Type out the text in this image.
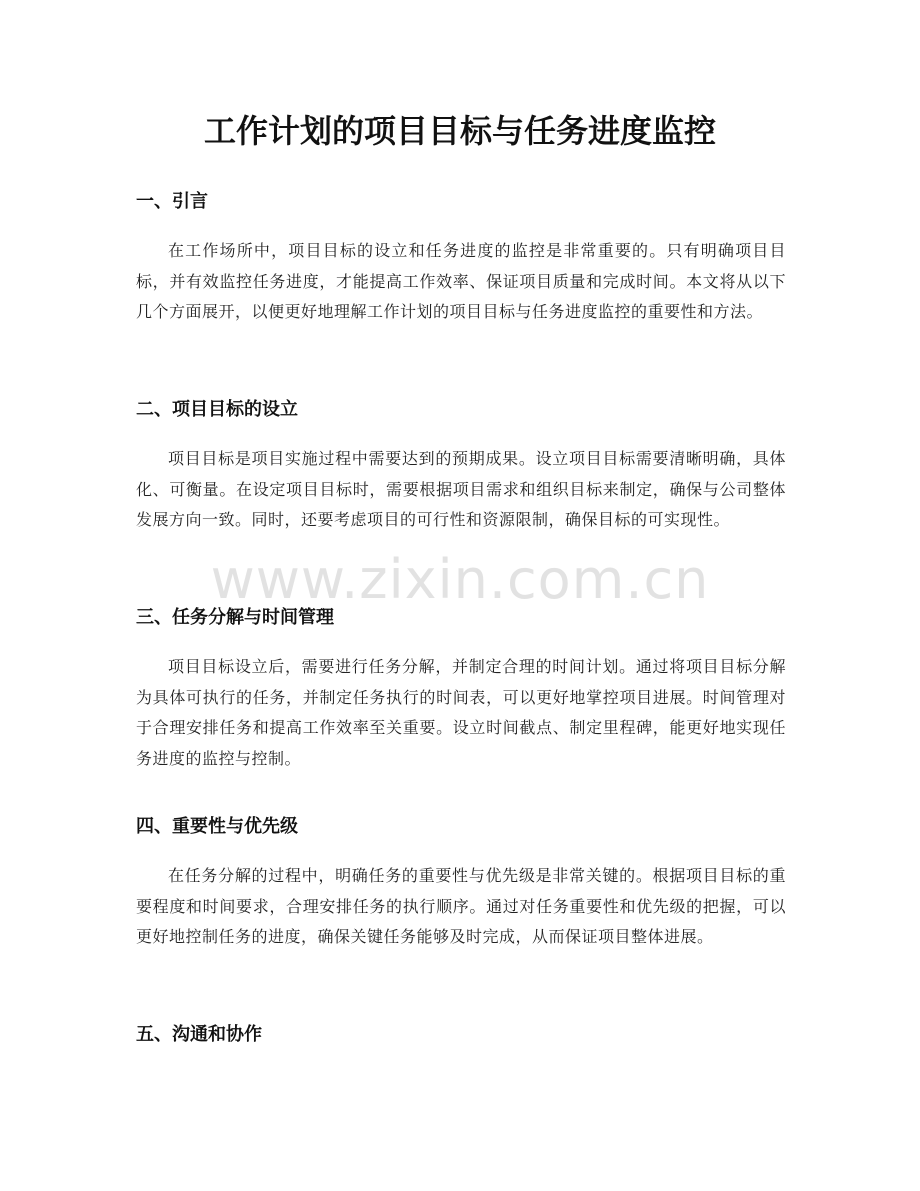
工作计划的项目目标与任务进度监控
一、引言

在工作场所中，项目目标的设立和任务进度的监控是非常重要的。只有明确项目目标，并有效监控任务进度，才能提高工作效率、保证项目质量和完成时间。本文将从以下几个方面展开，以便更好地理解工作计划的项目目标与任务进度监控的重要性和方法。

二、项目目标的设立

项目目标是项目实施过程中需要达到的预期成果。设立项目目标需要清晰明确，具体化、可衡量。在设定项目目标时，需要根据项目需求和组织目标来制定，确保与公司整体发展方向一致。同时，还要考虑项目的可行性和资源限制，确保目标的可实现性。

三、任务分解与时间管理

项目目标设立后，需要进行任务分解，并制定合理的时间计划。通过将项目目标分解为具体可执行的任务，并制定任务执行的时间表，可以更好地掌控项目进展。时间管理对于合理安排任务和提高工作效率至关重要。设立时间截点、制定里程碑，能更好地实现任务进度的监控与控制。

四、重要性与优先级

在任务分解的过程中，明确任务的重要性与优先级是非常关键的。根据项目目标的重要程度和时间要求，合理安排任务的执行顺序。通过对任务重要性和优先级的把握，可以更好地控制任务的进度，确保关键任务能够及时完成，从而保证项目整体进展。

五、沟通和协作
www.zixin.com.cn
